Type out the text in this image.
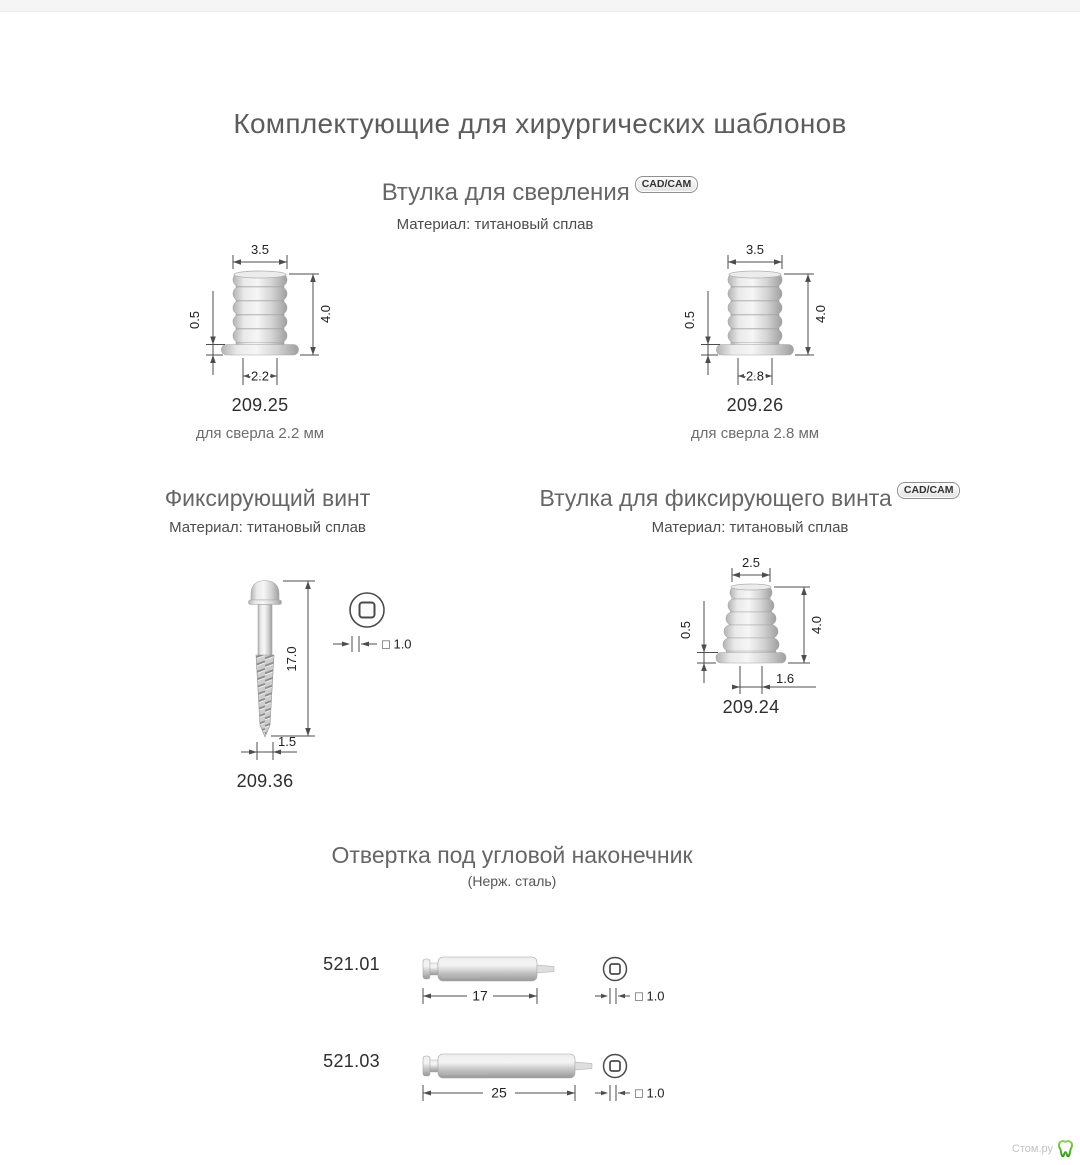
Комплектующие для хирургических шаблонов
Втулка для сверления CAD/CAM
Материал: титановый сплав
3.5
4.0
0.5
2.2
209.25
для сверла 2.2 мм
3.5
4.0
0.5
2.8
209.26
для сверла 2.8 мм
Фиксирующий винт
Материал: титановый сплав
Втулка для фиксирующего винта CAD/CAM
Материал: титановый сплав
17.0
1.5
□ 1.0
209.36
2.5
4.0
0.5
1.6
209.24
Отвертка под угловой наконечник
(Нерж. сталь)
521.01
17	□ 1.0
521.03
25	□ 1.0
Стом.ру
